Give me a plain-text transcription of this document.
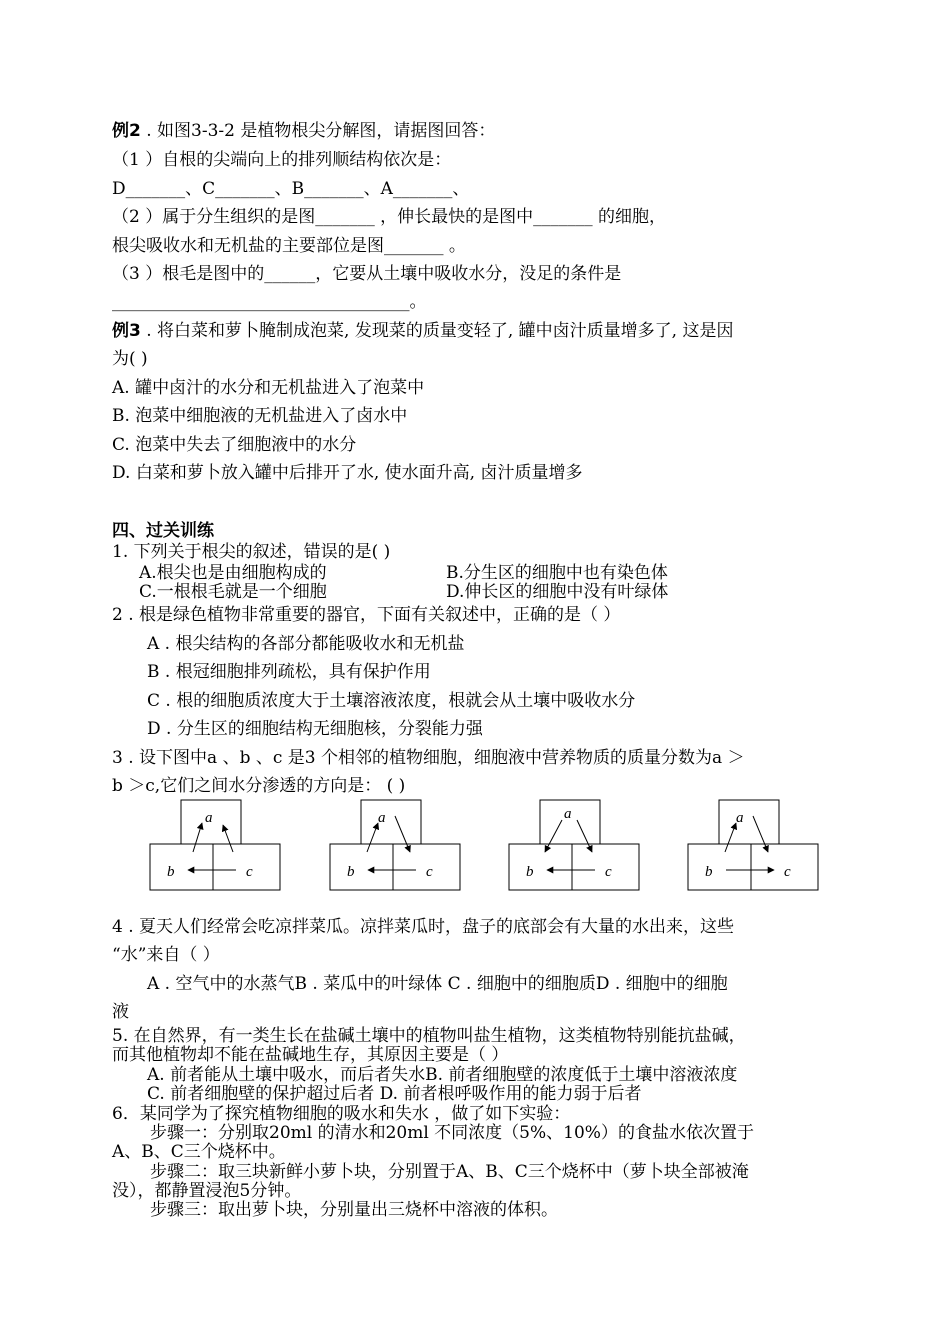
例2 . 如图3-3-2 是植物根尖分解图，请据图回答：
（1 ）自根的尖端向上的排列顺结构依次是：
D_______、C_______、B_______、A_______、
（2 ）属于分生组织的是图_______ ，伸长最快的是图中_______ 的细胞，
根尖吸收水和无机盐的主要部位是图_______ 。
（3 ）根毛是图中的______，它要从土壤中吸收水分，没足的条件是
___________________________________。
例3 . 将白菜和萝卜腌制成泡菜, 发现菜的质量变轻了, 罐中卤汁质量增多了, 这是因
为( )
A. 罐中卤汁的水分和无机盐进入了泡菜中
B. 泡菜中细胞液的无机盐进入了卤水中
C. 泡菜中失去了细胞液中的水分
D. 白菜和萝卜放入罐中后排开了水, 使水面升高, 卤汁质量增多
四、过关训练
1. 下列关于根尖的叙述，错误的是( )
A.根尖也是由细胞构成的	B.分生区的细胞中也有染色体
C.一根根毛就是一个细胞	D.伸长区的细胞中没有叶绿体
2 . 根是绿色植物非常重要的器官，下面有关叙述中，正确的是（ ）
A . 根尖结构的各部分都能吸收水和无机盐
B . 根冠细胞排列疏松，具有保护作用
C . 根的细胞质浓度大于土壤溶液浓度，根就会从土壤中吸收水分
D . 分生区的细胞结构无细胞核，分裂能力强
3 . 设下图中a 、b 、c 是3 个相邻的植物细胞，细胞液中营养物质的质量分数为a ＞
b ＞c,它们之间水分渗透的方向是： ( )
a
b	c
a
b	c
a
b	c
a
b	c
4 . 夏天人们经常会吃凉拌菜瓜。凉拌菜瓜时，盘子的底部会有大量的水出来，这些
“水”来自（ ）
A . 空气中的水蒸气B . 菜瓜中的叶绿体 C . 细胞中的细胞质D . 细胞中的细胞
液
5. 在自然界，有一类生长在盐碱土壤中的植物叫盐生植物，这类植物特别能抗盐碱，
而其他植物却不能在盐碱地生存，其原因主要是（ ）
A. 前者能从土壤中吸水，而后者失水B. 前者细胞壁的浓度低于土壤中溶液浓度
C. 前者细胞壁的保护超过后者 D. 前者根呼吸作用的能力弱于后者
6．某同学为了探究植物细胞的吸水和失水 ，做了如下实验：
步骤一：分别取20ml 的清水和20ml 不同浓度（5%、10%）的食盐水依次置于
A、B、C三个烧杯中。
步骤二：取三块新鲜小萝卜块，分别置于A、B、C三个烧杯中（萝卜块全部被淹
没），都静置浸泡5分钟。
步骤三：取出萝卜块，分别量出三烧杯中溶液的体积。
